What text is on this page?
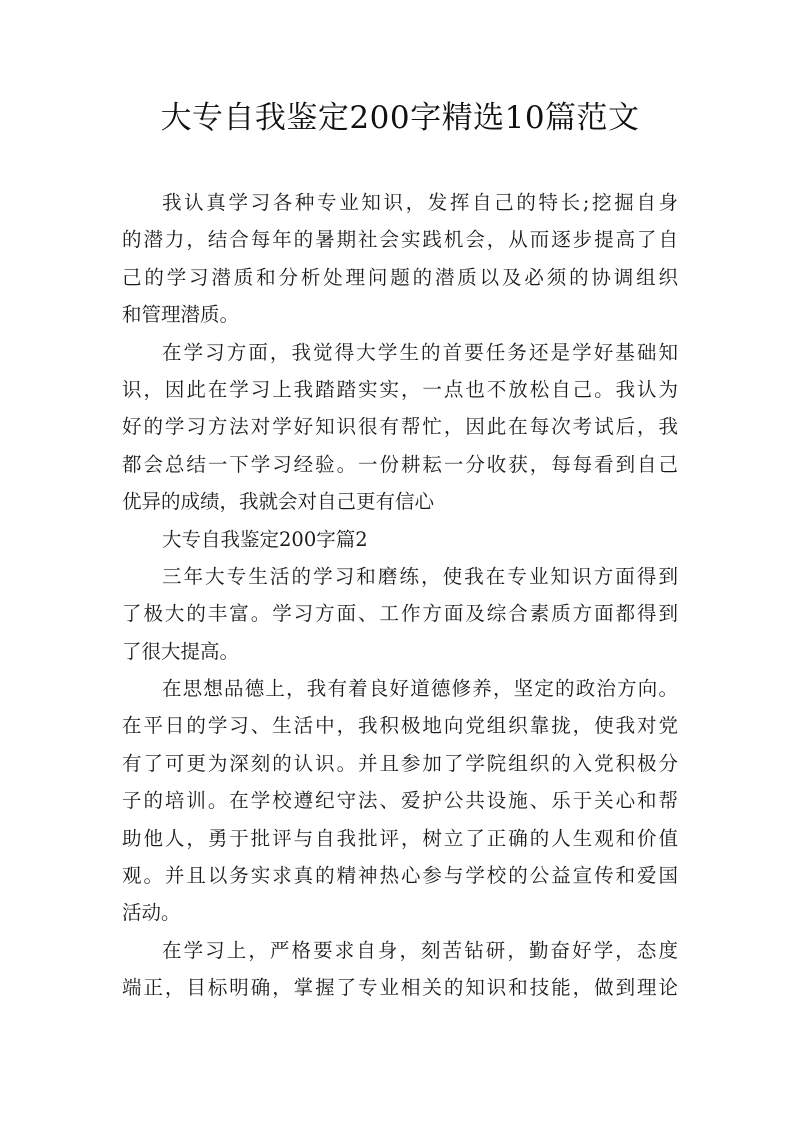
大专自我鉴定200字精选10篇范文
我认真学习各种专业知识，发挥自己的特长;挖掘自身
的潜力，结合每年的暑期社会实践机会，从而逐步提高了自
己的学习潜质和分析处理问题的潜质以及必须的协调组织
和管理潜质。
在学习方面，我觉得大学生的首要任务还是学好基础知
识，因此在学习上我踏踏实实，一点也不放松自己。我认为
好的学习方法对学好知识很有帮忙，因此在每次考试后，我
都会总结一下学习经验。一份耕耘一分收获，每每看到自己
优异的成绩，我就会对自己更有信心
大专自我鉴定200字篇2
三年大专生活的学习和磨练，使我在专业知识方面得到
了极大的丰富。学习方面、工作方面及综合素质方面都得到
了很大提高。
在思想品德上，我有着良好道德修养，坚定的政治方向。
在平日的学习、生活中，我积极地向党组织靠拢，使我对党
有了可更为深刻的认识。并且参加了学院组织的入党积极分
子的培训。在学校遵纪守法、爱护公共设施、乐于关心和帮
助他人，勇于批评与自我批评，树立了正确的人生观和价值
观。并且以务实求真的精神热心参与学校的公益宣传和爱国
活动。
在学习上，严格要求自身，刻苦钻研，勤奋好学，态度
端正，目标明确，掌握了专业相关的知识和技能，做到理论
